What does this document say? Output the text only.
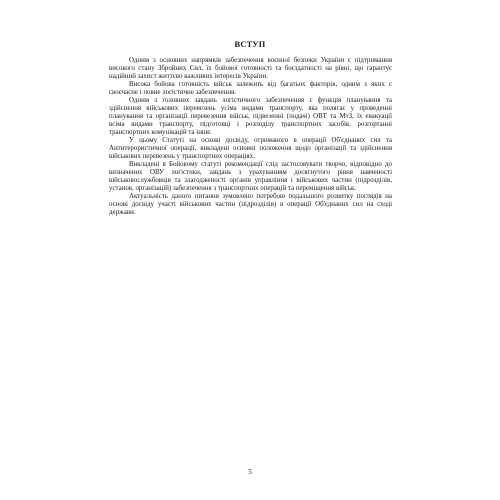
ВСТУП

Одним з основних напрямків забезпечення воєнної безпеки України є підтримання високого стану Збройних Сил, їх бойової готовності та боєздатності на рівні, що гарантує надійний захист життєво важливих інтересів України.

Висока бойова готовність військ залежить від багатьох факторів, одним з яких є своєчасне і повне логістичне забезпечення.

Одним з головних завдань логістичного забезпечення є функція планування та здійснення військових перевезень усіма видами транспорту, яка полягає у проведенні планування та організації перевезення військ, підвезенні (подачі) ОВТ та МтЗ, їх евакуації всіма видами транспорту, підготовці і розподілу транспортних засобів, розгортанні транспортних комунікацій та інше.

У цьому Статуті на основі досвіду, отриманого в операції Об'єднаних сил та Антитерористичної операції, викладені основні положення щодо організації та здійснення військових перевезень у транспортних операціях.

Викладені в Бойовому статуті рекомендації слід застосовувати творчо, відповідно до визначених ОВУ логістики, завдань з урахуванням досягнутого рівня навченості військовослужбовців та злагодженості органів управління і військових частин (підрозділів, установ, організацій) забезпечення з транспортних операцій та переміщення військ.

Актуальність даного питання зумовлено потребою подальшого розвитку поглядів на основі досвіду участі військових частин (підрозділів) в операції Об'єднаних сил на сході держави.

5
